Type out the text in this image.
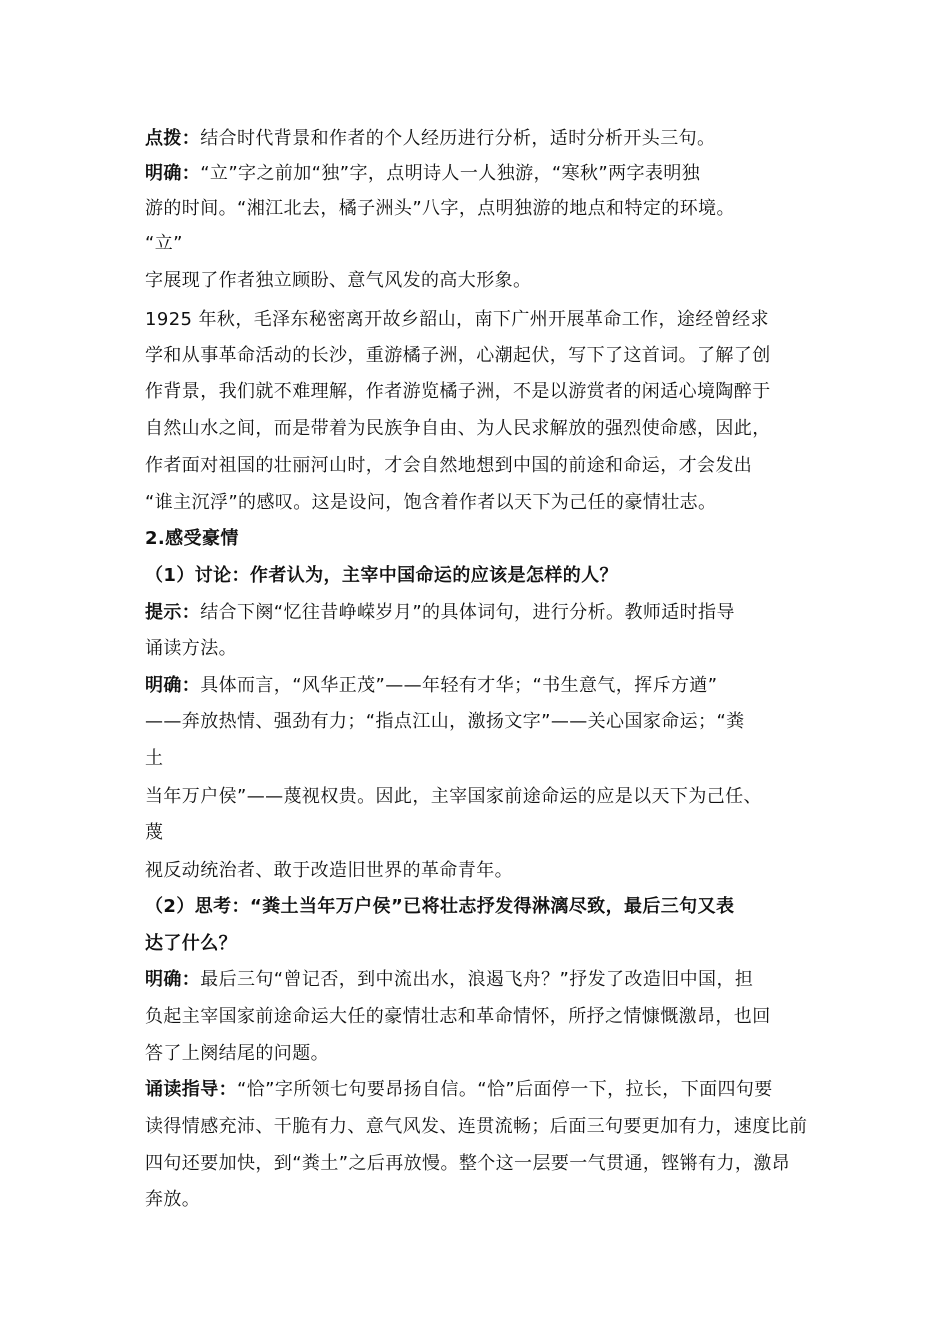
点拨：结合时代背景和作者的个人经历进行分析，适时分析开头三句。
明确：“立”字之前加“独”字，点明诗人一人独游，“寒秋”两字表明独
游的时间。“湘江北去，橘子洲头”八字，点明独游的地点和特定的环境。
“立”
字展现了作者独立顾盼、意气风发的高大形象。
1925 年秋，毛泽东秘密离开故乡韶山，南下广州开展革命工作，途经曾经求
学和从事革命活动的长沙，重游橘子洲，心潮起伏，写下了这首词。了解了创
作背景，我们就不难理解，作者游览橘子洲，不是以游赏者的闲适心境陶醉于
自然山水之间，而是带着为民族争自由、为人民求解放的强烈使命感，因此，
作者面对祖国的壮丽河山时，才会自然地想到中国的前途和命运，才会发出
“谁主沉浮”的感叹。这是设问，饱含着作者以天下为己任的豪情壮志。
2.感受豪情
（1）讨论：作者认为，主宰中国命运的应该是怎样的人？
提示：结合下阕“忆往昔峥嵘岁月”的具体词句，进行分析。教师适时指导
诵读方法。
明确：具体而言，“风华正茂”——年轻有才华；“书生意气，挥斥方遒”
——奔放热情、强劲有力；“指点江山，激扬文字”——关心国家命运；“粪
土
当年万户侯”——蔑视权贵。因此，主宰国家前途命运的应是以天下为己任、
蔑
视反动统治者、敢于改造旧世界的革命青年。
（2）思考：“粪土当年万户侯”已将壮志抒发得淋漓尽致，最后三句又表
达了什么？
明确：最后三句“曾记否，到中流出水，浪遏飞舟？”抒发了改造旧中国，担
负起主宰国家前途命运大任的豪情壮志和革命情怀，所抒之情慷慨激昂，也回
答了上阕结尾的问题。
诵读指导：“恰”字所领七句要昂扬自信。“恰”后面停一下，拉长，下面四句要
读得情感充沛、干脆有力、意气风发、连贯流畅；后面三句要更加有力，速度比前
四句还要加快，到“粪土”之后再放慢。整个这一层要一气贯通，铿锵有力，激昂
奔放。
